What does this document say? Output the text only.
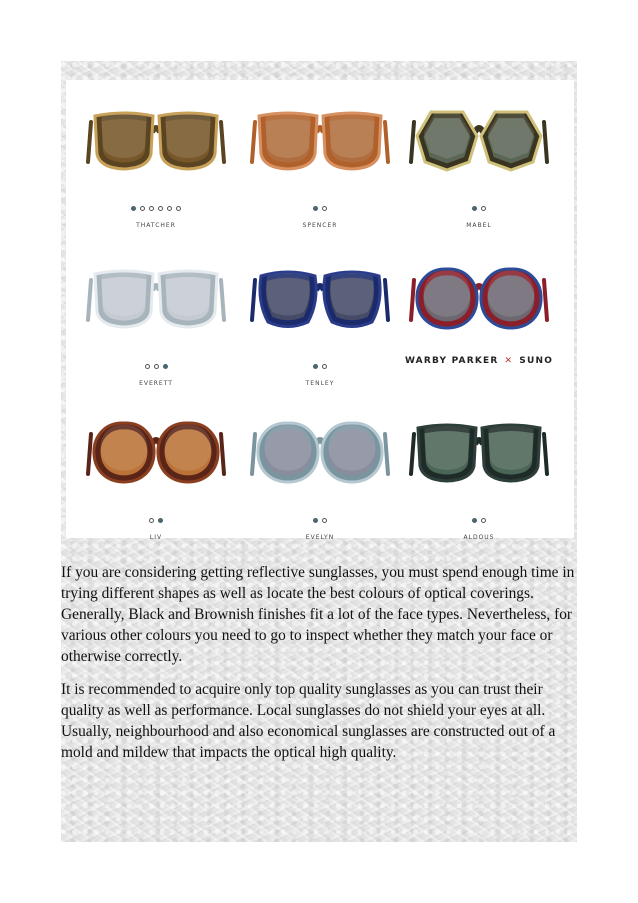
THATCHER	SPENCER	MABEL
EVERETT	TENLEY
WARBY PARKER ✕ SUNO
LIV	EVELYN	ALDOUS

If you are considering getting reflective sunglasses, you must spend enough time in trying different shapes as well as locate the best colours of optical coverings. Generally, Black and Brownish finishes fit a lot of the face types. Nevertheless, for various other colours you need to go to inspect whether they match your face or otherwise correctly.

It is recommended to acquire only top quality sunglasses as you can trust their quality as well as performance. Local sunglasses do not shield your eyes at all. Usually, neighbourhood and also economical sunglasses are constructed out of a mold and mildew that impacts the optical high quality.
